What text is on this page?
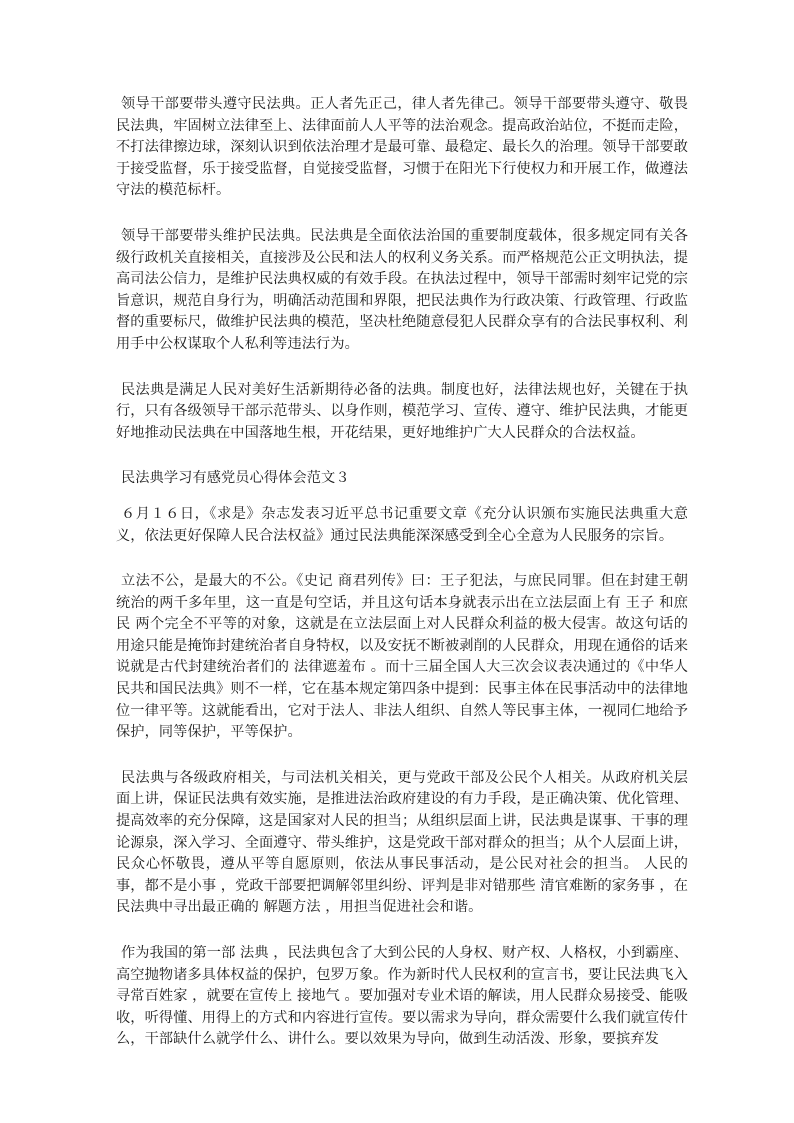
领导干部要带头遵守民法典。正人者先正己，律人者先律己。领导干部要带头遵守、敬畏民法典，牢固树立法律至上、法律面前人人平等的法治观念。提高政治站位，不挺而走险，不打法律擦边球，深刻认识到依法治理才是最可靠、最稳定、最长久的治理。领导干部要敢于接受监督，乐于接受监督，自觉接受监督，习惯于在阳光下行使权力和开展工作，做遵法守法的模范标杆。

领导干部要带头维护民法典。民法典是全面依法治国的重要制度载体，很多规定同有关各级行政机关直接相关，直接涉及公民和法人的权利义务关系。而严格规范公正文明执法，提高司法公信力，是维护民法典权威的有效手段。在执法过程中，领导干部需时刻牢记党的宗旨意识，规范自身行为，明确活动范围和界限，把民法典作为行政决策、行政管理、行政监督的重要标尺，做维护民法典的模范，坚决杜绝随意侵犯人民群众享有的合法民事权利、利用手中公权谋取个人私利等违法行为。

民法典是满足人民对美好生活新期待必备的法典。制度也好，法律法规也好，关键在于执行，只有各级领导干部示范带头、以身作则，模范学习、宣传、遵守、维护民法典，才能更好地推动民法典在中国落地生根，开花结果，更好地维护广大人民群众的合法权益。

民法典学习有感党员心得体会范文３

６月１６日，《求是》杂志发表习近平总书记重要文章《充分认识颁布实施民法典重大意义，依法更好保障人民合法权益》通过民法典能深深感受到全心全意为人民服务的宗旨。

立法不公，是最大的不公。《史记 商君列传》曰：王子犯法，与庶民同罪。但在封建王朝统治的两千多年里，这一直是句空话，并且这句话本身就表示出在立法层面上有 王子 和庶民 两个完全不平等的对象，这就是在立法层面上对人民群众利益的极大侵害。故这句话的用途只能是掩饰封建统治者自身特权，以及安抚不断被剥削的人民群众，用现在通俗的话来说就是古代封建统治者们的 法律遮羞布 。而十三届全国人大三次会议表决通过的《中华人民共和国民法典》则不一样，它在基本规定第四条中提到：民事主体在民事活动中的法律地位一律平等。这就能看出，它对于法人、非法人组织、自然人等民事主体，一视同仁地给予保护，同等保护，平等保护。

民法典与各级政府相关，与司法机关相关，更与党政干部及公民个人相关。从政府机关层面上讲，保证民法典有效实施，是推进法治政府建设的有力手段，是正确决策、优化管理、提高效率的充分保障，这是国家对人民的担当；从组织层面上讲，民法典是谋事、干事的理论源泉，深入学习、全面遵守、带头维护，这是党政干部对群众的担当；从个人层面上讲，民众心怀敬畏，遵从平等自愿原则，依法从事民事活动，是公民对社会的担当。 人民的事，都不是小事 ，党政干部要把调解邻里纠纷、评判是非对错那些 清官难断的家务事 ，在民法典中寻出最正确的 解题方法 ，用担当促进社会和谐。

作为我国的第一部 法典 ，民法典包含了大到公民的人身权、财产权、人格权，小到霸座、高空抛物诸多具体权益的保护，包罗万象。作为新时代人民权利的宣言书，要让民法典飞入寻常百姓家 ，就要在宣传上 接地气 。要加强对专业术语的解读，用人民群众易接受、能吸收，听得懂、用得上的方式和内容进行宣传。要以需求为导向，群众需要什么我们就宣传什么，干部缺什么就学什么、讲什么。要以效果为导向，做到生动活泼、形象，要摈弃发
